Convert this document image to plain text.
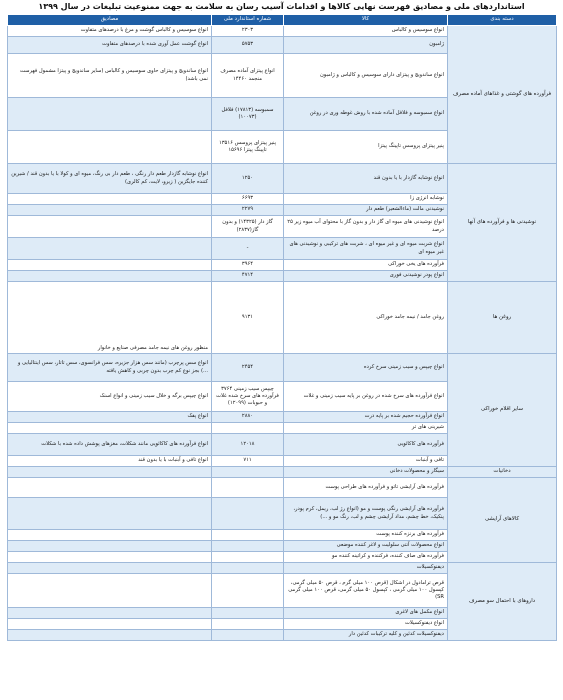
استانداردهای ملی و مصادیق فهرست نهایی کالاها و اقدامات آسیب رسان به سلامت به جهت ممنوعیت تبلیغات در سال ۱۳۹۹
دسته بندی	کالا	شماره استاندارد ملی	مصادیق
فرآورده های گوشتی و غذاهای آماده مصرف	انواع سوسیس و کالباس	۲۳۰۳	انواع سوسیس و کالباس گوشت و مرغ با درصدهای متفاوت
	ژامبون	۵۷۵۳	انواع گوشت عمل آوری شده با درصدهای متفاوت
	انواع ساندویچ و پیتزای دارای سوسیس و کالباس و ژامبون	انواع پیتزای آماده مصرف منجمد ۱۴۴۶۰	انواع ساندویچ و پیتزای حاوی سوسیس و کالباس (سایر ساندویچ و پیتزا مشمول فهرست نمی باشد)
	انواع سمبوسه و فلافل آماده شده با روش غوطه وری در روغن	سمبوسه (۱۷۸۱۳) فلافل (۱۰۰۷۳)	
	پنیر پیتزای پروسس تاپینگ پیتزا	پنیر پیتزای پروسس ۱۳۵۱۶ تاپینگ پیتزا ۱۵۶۹۶	
نوشیدنی ها و فرآورده های آنها	انواع نوشابه گازدار با یا بدون قند	۱۲۵۰	انواع نوشابه گازدار طعم دار رنگی ، طعم دار بی رنگ، میوه ای و کولا با یا بدون قند / شیرین کننده جایگزین ( زیرو، لایت، کم کالری)
	نوشابه انرژی زا	۶۶۹۳	
	نوشیدنی مالت (ماءالشعیر) طعم دار	۲۲۷۹	
	انواع نوشیدنی های میوه ای گاز دار و بدون گاز با محتوای آب میوه زیر ۲۵ درصد	گاز دار (۱۴۳۲۵) و بدون گاز(۲۸۳۷)	
	انواع شربت میوه ای و غیر میوه ای ، شربت های ترکیبی و نوشیدنی های غیر میوه ای	-	
	فرآورده های یخی خوراکی	۳۹۶۴	
	انواع پودر نوشیدنی فوری	۴۷۱۴	
روغن ها	روغن جامد / نیمه جامد خوراکی	۹۱۳۱	منظور روغن های نیمه جامد مصرفی صنایع و خانوار
سایر اقلام خوراکی	انواع چیپس و سیب زمینی سرخ کرده	۲۴۵۴	انواع سس پرچرب (مانند سس هزار جزیره، سس فرانسوی، سس تاتار، سس اینتالیایی و ...) بجز نوع کم چرب بدون چربی و کاهش یافته
	انواع فرآورده های سرخ شده در روغن بر پایه سیب زمینی و غلات	چیپس سیب زمینی ۳۷۶۴ فرآورده های سرخ شده غلات و حبوبات (۱۲۰۹۹)	انواع چیپس برگه و خلال سیب زمینی و انواع اسنک
	انواع فرآورده حجیم شده بر پایه ذرت	۲۸۸۰	انواع پفک
	شیرینی های تر		
	فرآورده های کاکائویی	۱۲۰۱۸	انواع فرآورده های کاکائویی مانند شکلات، مغزهای پوشش داده شده با شکلات
	تافی و آبنبات	۷۱۱	انواع تافی و آبنبات با یا بدون قند
دخانیات	سیگار و محصولات دخانی		
کالاهای آرایشی	فرآورده های آرایشی تاتو و فرآورده های طراحی پوست		
	فرآورده های آرایشی رنگی پوست و مو (انواع رژ لب، ریمل، کرم پودر، پنکیک، خط چشم، مداد آرایشی چشم و لب، رنگ مو و ...)		
	فرآورده های برنزه کننده پوست		
	انواع محصولات آنتی سلولیت و لاغر کننده موضعی		
	فرآورده های صاف کننده، فرکننده و کراتینه کننده مو		
داروهای با احتمال سو مصرف	دیفنوکسیلات		
	قرص ترامادول در اشکال (قرص ۱۰۰ میلی گرم ، قرص ۵۰ میلی گرمی، کپسول ۱۰۰ میلی گرمی ، کپسول ۵۰ میلی گرمی، قرص ۱۰۰ میلی گرمی SR)		
	انواع مکمل های لاغری		
	انواع دیفنوکسیلات		
	دیفنوکسیلات کدئین و کلیه ترکیبات کدئین دار		
